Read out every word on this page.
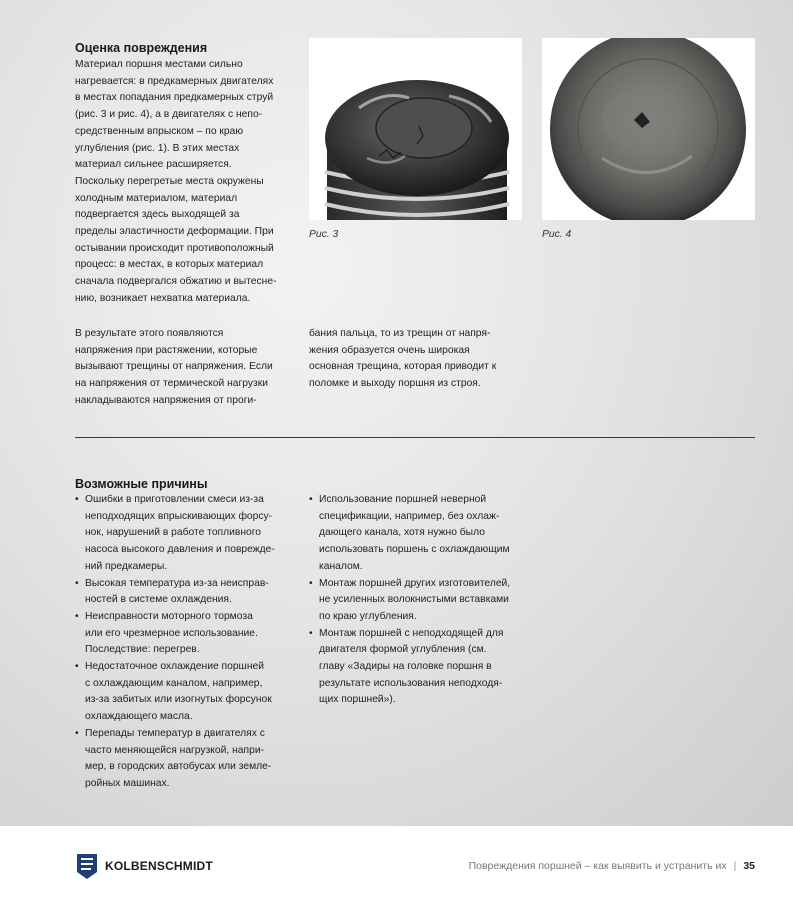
Оценка повреждения

Материал поршня местами сильно
нагревается: в предкамерных двигателях
в местах попадания предкамерных струй
(рис. 3 и рис. 4), а в двигателях с непо-
средственным впрыском – по краю
углубления (рис. 1). В этих местах
материал сильнее расширяется.
Поскольку перегретые места окружены
холодным материалом, материал
подвергается здесь выходящей за
пределы эластичности деформации. При
остывании происходит противоположный
процесс: в местах, в которых материал
сначала подвергался обжатию и вытесне-
нию, возникает нехватка материала.

В результате этого появляются
напряжения при растяжении, которые
вызывают трещины от напряжения. Если
на напряжения от термической нагрузки
накладываются напряжения от проги-

бания пальца, то из трещин от напря-
жения образуется очень широкая
основная трещина, которая приводит к
поломке и выходу поршня из строя.

Рис. 3	Рис. 4
Возможные причины
• Ошибки в приготовлении смеси из-за
неподходящих впрыскивающих форсу-
нок, нарушений в работе топливного
насоса высокого давления и поврежде-
ний предкамеры.
• Высокая температура из-за неисправ-
ностей в системе охлаждения.
• Неисправности моторного тормоза
или его чрезмерное использование.
Последствие: перегрев.
• Недостаточное охлаждение поршней
с охлаждающим каналом, например,
из-за забитых или изогнутых форсунок
охлаждающего масла.
• Перепады температур в двигателях с
часто меняющейся нагрузкой, напри-
мер, в городских автобусах или земле-
ройных машинах.
• Использование поршней неверной
спецификации, например, без охлаж-
дающего канала, хотя нужно было
использовать поршень с охлаждающим
каналом.
• Монтаж поршней других изготовителей,
не усиленных волокнистыми вставками
по краю углубления.
• Монтаж поршней с неподходящей для
двигателя формой углубления (см.
главу «Задиры на головке поршня в
результате использования неподходя-
щих поршней»).
KOLBENSCHMIDT	Повреждения поршней – как выявить и устранить их | 35
